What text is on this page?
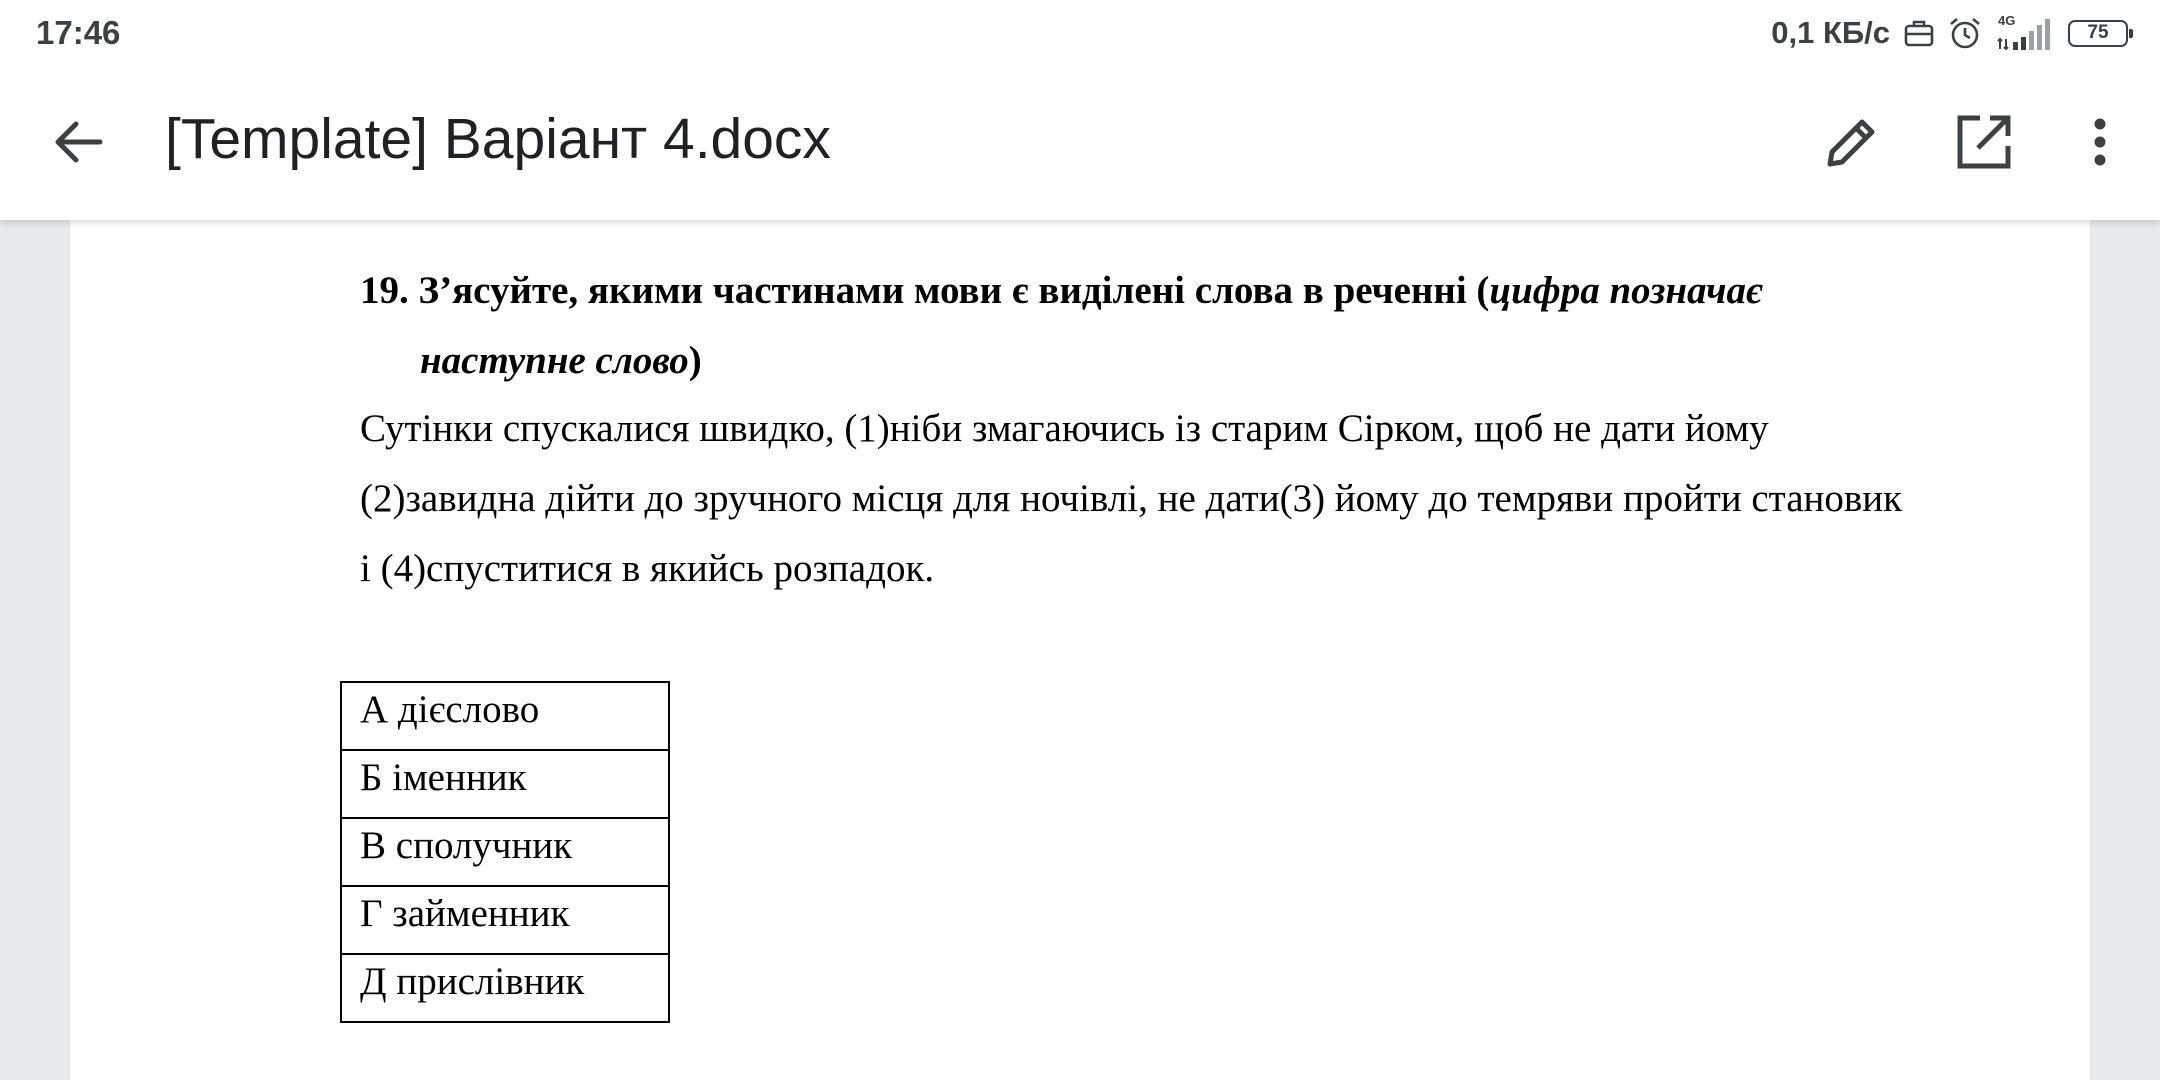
17:46	0,1 КБ/с	4G
75
[Template] Варіант 4.docx
19. З’ясуйте, якими частинами мови є виділені слова в реченні (цифра позначає
наступне слово)
Сутінки спускалися швидко, (1)ніби змагаючись із старим Сірком, щоб не дати йому
(2)завидна дійти до зручного місця для ночівлі, не дати(3) йому до темряви пройти становик
і (4)спуститися в якийсь розпадок.
А дієслово
Б іменник
В сполучник
Г займенник
Д прислівник
